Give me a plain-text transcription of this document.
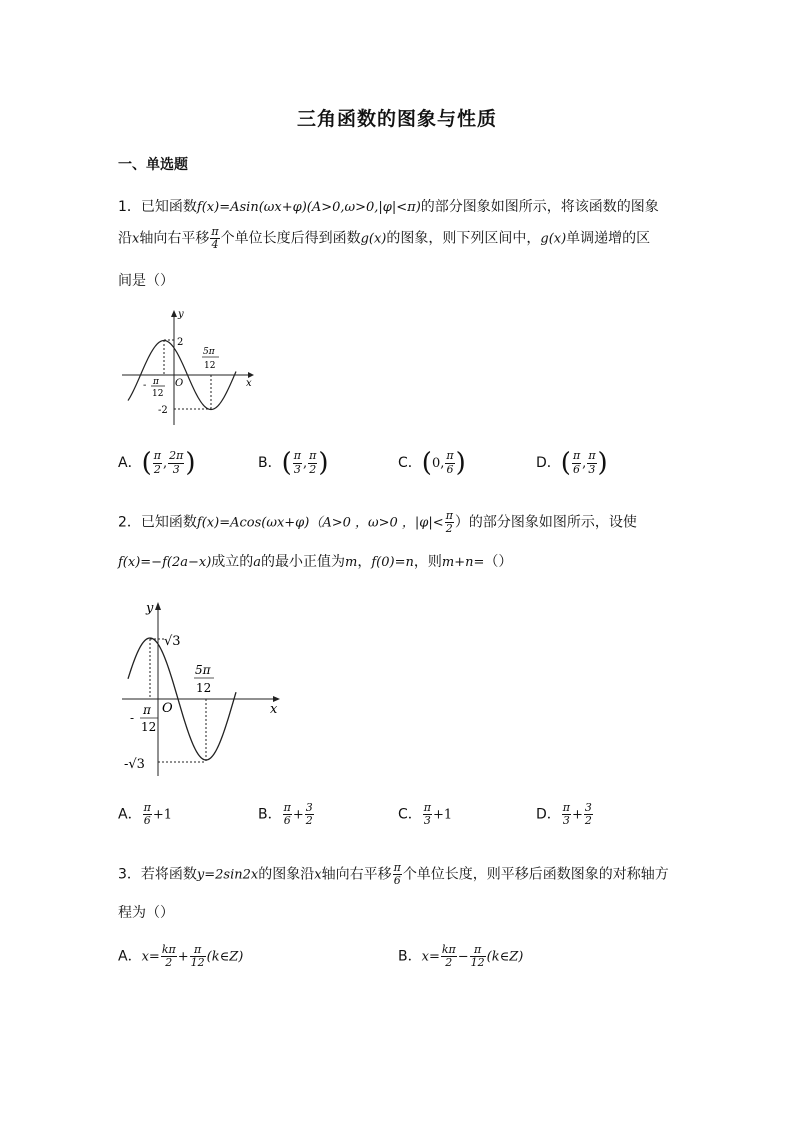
三角函数的图象与性质
一、单选题
1．已知函数f(x)=Asin(ωx+φ)(A>0,ω>0,|φ|<π)的部分图象如图所示，将该函数的图象
沿x轴向右平移 $\frac{\pi}{4}$ 个单位长度后得到函数g(x)的图象，则下列区间中，g(x)单调递增的区
间是（）
y
x
O
2
-2
- π
12
5π
12
A．( $\frac{\pi}{2}$ , $\frac{2\pi}{3}$ )	B．( $\frac{\pi}{3}$ , $\frac{\pi}{2}$ )	C．(0, $\frac{\pi}{6}$ )	D．( $\frac{\pi}{6}$ , $\frac{\pi}{3}$ )
2．已知函数f(x)=Acos(ωx+φ)（A>0 ，ω>0 ，$|\varphi|< \frac{\pi}{2}$ ）的部分图象如图所示，设使
f(x)=−f(2a−x)成立的a的最小正值为m，f(0)=n，则m+n=（）
y
x
O
√3
-√3
-
π
12
5π
12
A． $\frac{\pi}{6} +1$	B． $\frac{\pi}{6} + \frac{3}{2}$	C． $\frac{\pi}{3} +1$	D． $\frac{\pi}{3} + \frac{3}{2}$
3．若将函数y=2sin2x的图象沿x轴向右平移 $\frac{\pi}{6}$ 个单位长度，则平移后函数图象的对称轴方
程为（）
A．$x= \frac{k\pi}{2} + \frac{\pi}{12}$ (k∈Z)	B．$x= \frac{k\pi}{2} - \frac{\pi}{12}$ (k∈Z)
